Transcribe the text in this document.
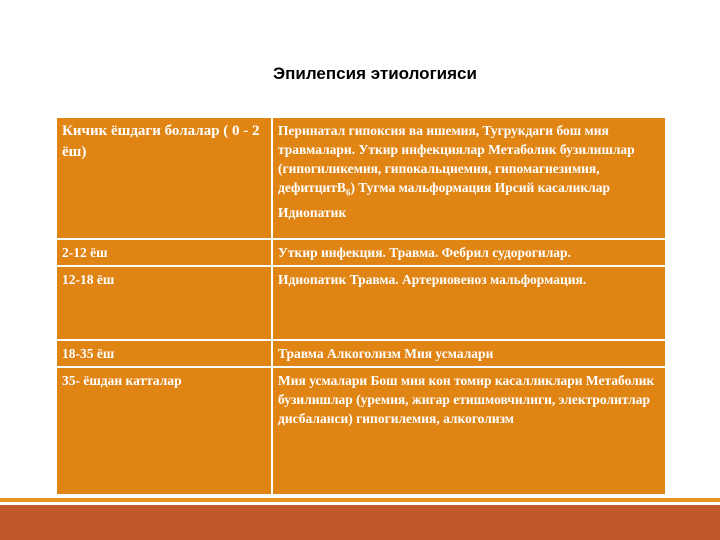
Эпилепсия этиологияси
Кичик ёшдаги болалар ( 0 - 2 ёш)	Перинатал гипоксия ва ишемия, Тугрукдаги бош мия травмалари. Уткир инфекциялар Метаболик бузилишлар (гипогиликемия, гипокальциемия, гипомагнезимия, дефитцитВ$_6$) Тугма мальформация Ирсий касаликлар Идиопатик
2-12 ёш	Уткир инфекция. Травма. Фебрил судорогилар.
12-18 ёш	Идиопатик Травма. Артериовеноз мальформация.
18-35 ёш	Травма Алкоголизм Мия усмалари
35- ёшдан катталар	Мия усмалари Бош мия кон томир касалликлари Метаболик бузилишлар (уремия, жигар етишмовчилиги, электролитлар дисбаланси) гипогилемия, алкоголизм
